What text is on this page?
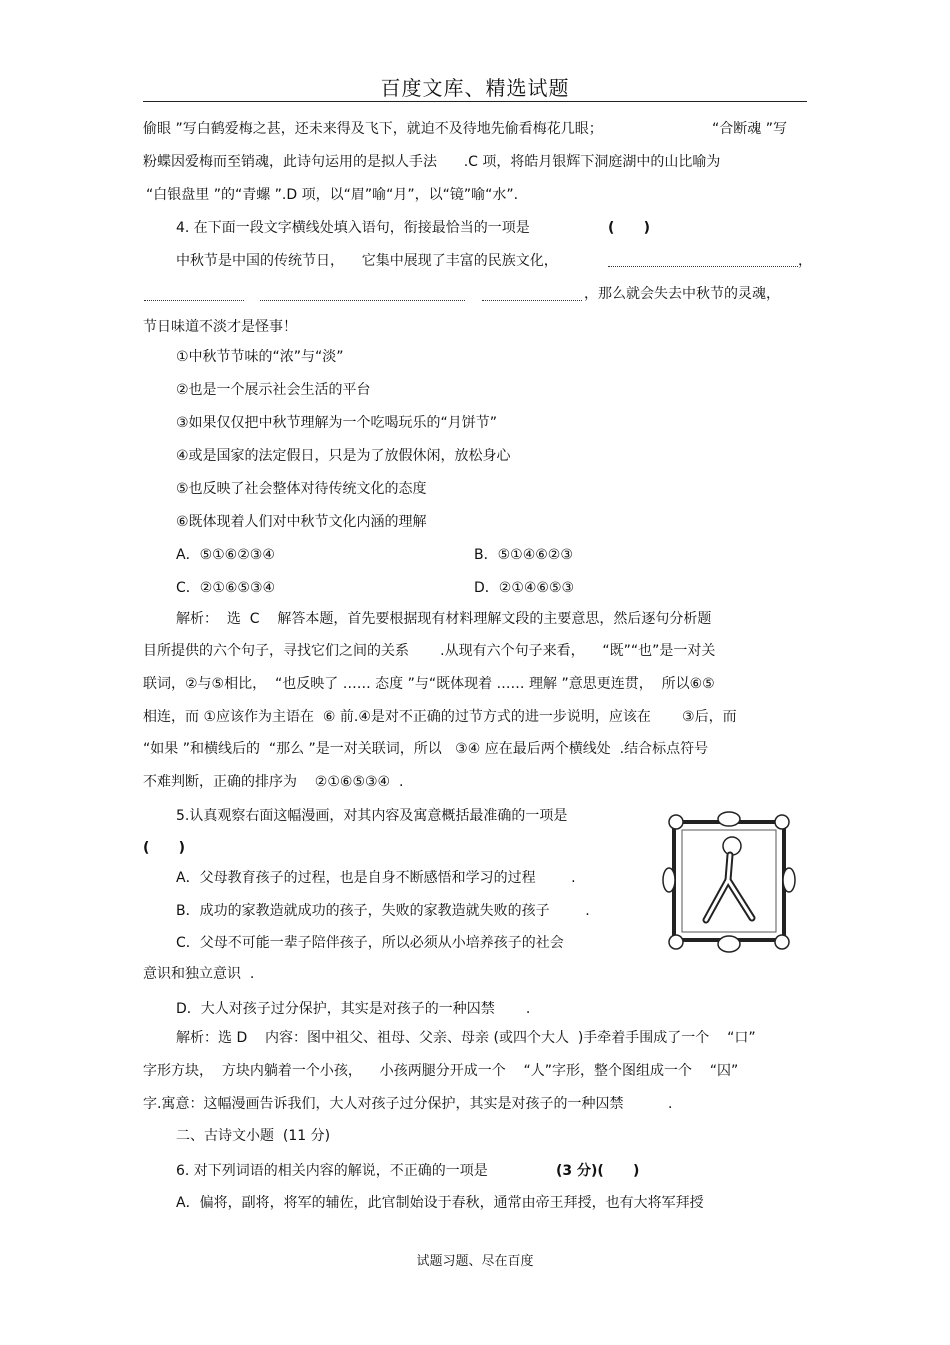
百度文库、精选试题
偷眼 ”写白鹤爱梅之甚，还未来得及飞下，就迫不及待地先偷看梅花几眼；	“合断魂 ”写
粉蝶因爱梅而至销魂，此诗句运用的是拟人手法      .C 项，将皓月银辉下洞庭湖中的山比喻为
“白银盘里 ”的“青螺 ”.D 项，以“眉”喻“月”，以“镜”喻“水”.
4. 在下面一段文字横线处填入语句，衔接最恰当的一项是	(      )
中秋节是中国的传统节日，    它集中展现了丰富的民族文化，	，
，那么就会失去中秋节的灵魂，
节日味道不淡才是怪事！
①中秋节节味的“浓”与“淡”
②也是一个展示社会生活的平台
③如果仅仅把中秋节理解为一个吃喝玩乐的“月饼节”
④或是国家的法定假日，只是为了放假休闲，放松身心
⑤也反映了社会整体对待传统文化的态度
⑥既体现着人们对中秋节文化内涵的理解
A．⑤①⑥②③④	B．⑤①④⑥②③
C．②①⑥⑤③④	D．②①④⑥⑤③
解析：  选  C    解答本题，首先要根据现有材料理解文段的主要意思，然后逐句分析题
目所提供的六个句子，寻找它们之间的关系       .从现有六个句子来看，    “既”“也”是一对关
联词，②与⑤相比，  “也反映了 …… 态度 ”与“既体现着 …… 理解 ”意思更连贯，  所以⑥⑤
相连，而 ①应该作为主语在  ⑥ 前.④是对不正确的过节方式的进一步说明，应该在       ③后，而
“如果 ”和横线后的  “那么 ”是一对关联词，所以   ③④ 应在最后两个横线处  .结合标点符号
不难判断，正确的排序为    ②①⑥⑤③④  .
5.认真观察右面这幅漫画，对其内容及寓意概括最准确的一项是
(      )
A．父母教育孩子的过程，也是自身不断感悟和学习的过程        .
B．成功的家教造就成功的孩子，失败的家教造就失败的孩子        .
C．父母不可能一辈子陪伴孩子，所以必须从小培养孩子的社会
意识和独立意识  .
D．大人对孩子过分保护，其实是对孩子的一种囚禁       .
解析：选 D    内容：图中祖父、祖母、父亲、母亲 (或四个大人  )手牵着手围成了一个    “口”
字形方块，  方块内躺着一个小孩，    小孩两腿分开成一个    “人”字形，整个图组成一个    “囚”
字.寓意：这幅漫画告诉我们，大人对孩子过分保护，其实是对孩子的一种囚禁          .
二、古诗文小题  (11 分)
6. 对下列词语的相关内容的解说，不正确的一项是	(3 分)(      )
A．偏将，副将，将军的辅佐，此官制始设于春秋，通常由帝王拜授，也有大将军拜授
试题习题、尽在百度
